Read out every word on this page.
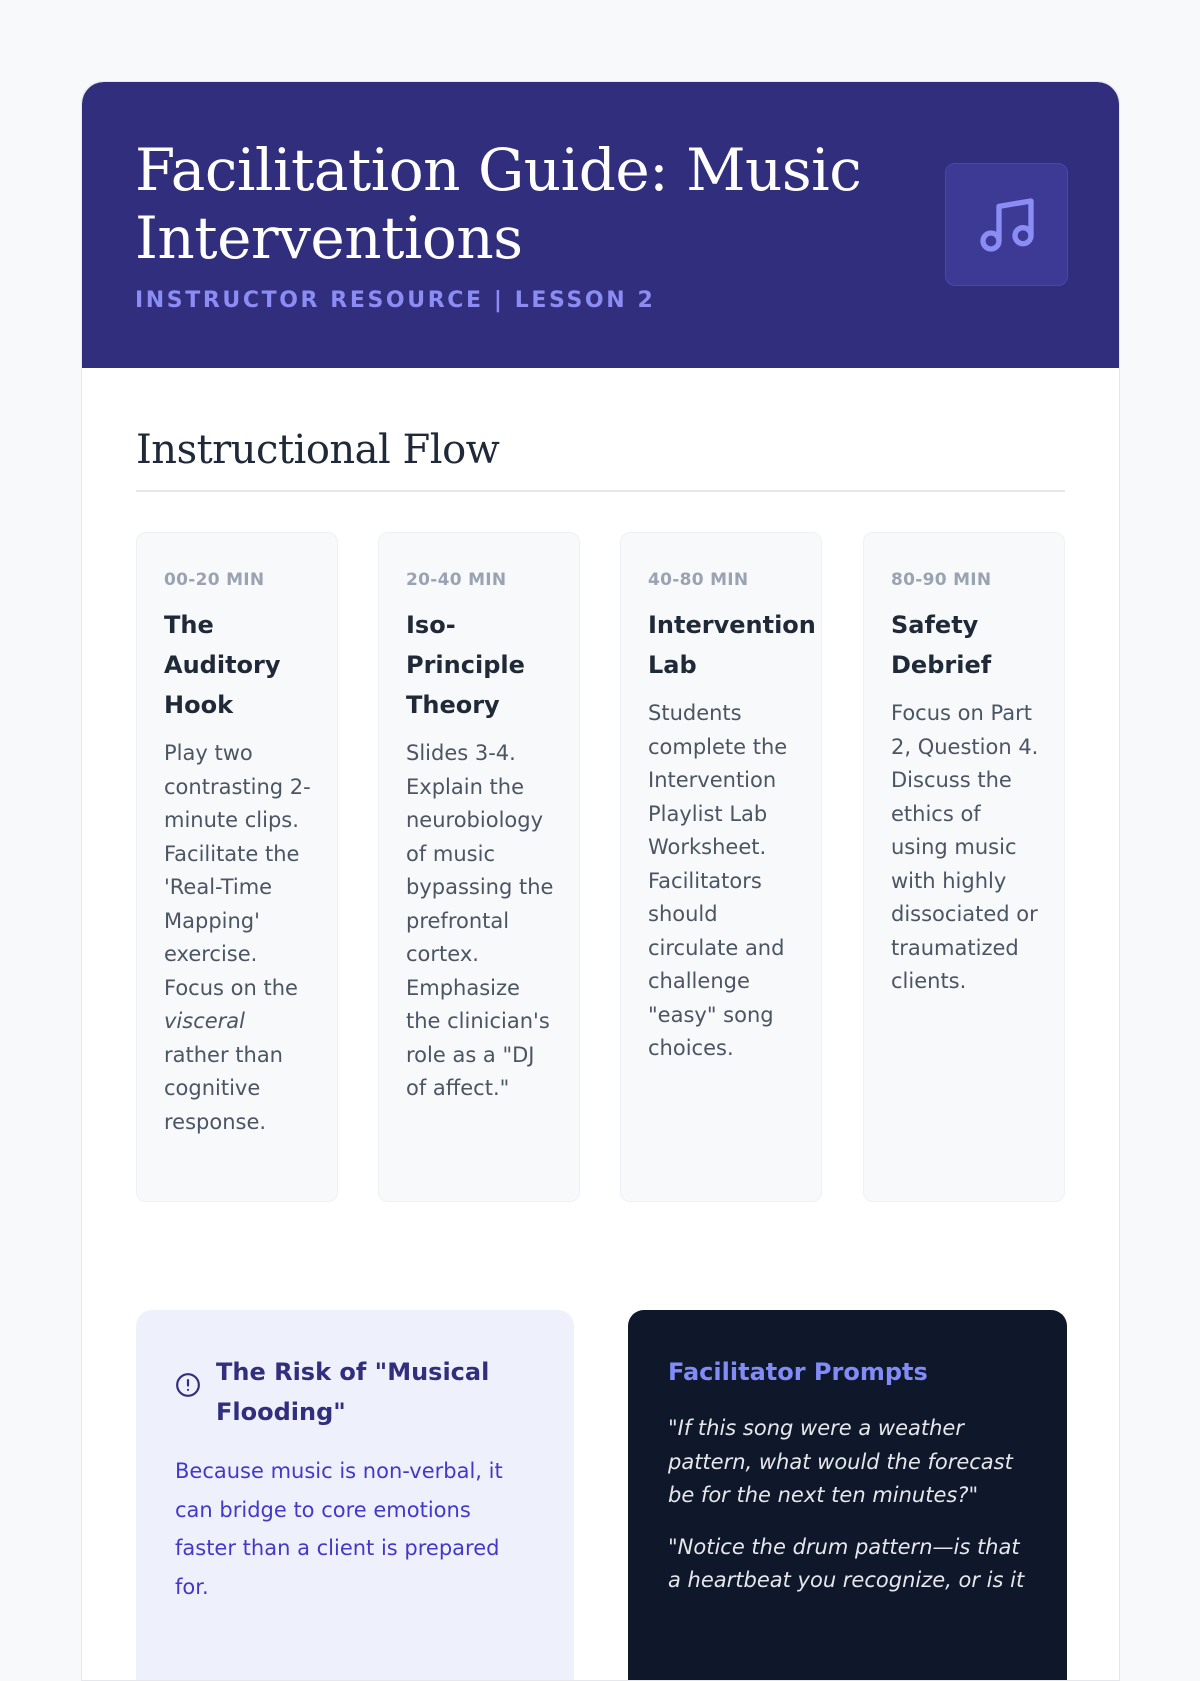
Facilitation Guide: Music Interventions
INSTRUCTOR RESOURCE | LESSON 2
Instructional Flow
00-20 MIN
The Auditory Hook
Play two contrasting 2-minute clips. Facilitate the 'Real-Time Mapping' exercise. Focus on the visceral rather than cognitive response.
20-40 MIN
Iso-Principle Theory
Slides 3-4. Explain the neurobiology of music bypassing the prefrontal cortex. Emphasize the clinician's role as a "DJ of affect."
40-80 MIN
Intervention Lab
Students complete the Intervention Playlist Lab Worksheet. Facilitators should circulate and challenge "easy" song choices.
80-90 MIN
Safety Debrief
Focus on Part 2, Question 4. Discuss the ethics of using music with highly dissociated or traumatized clients.
The Risk of "Musical Flooding"
Because music is non-verbal, it can bridge to core emotions faster than a client is prepared for.
Facilitator Prompts
"If this song were a weather pattern, what would the forecast be for the next ten minutes?"
"Notice the drum pattern—is that a heartbeat you recognize, or is it
